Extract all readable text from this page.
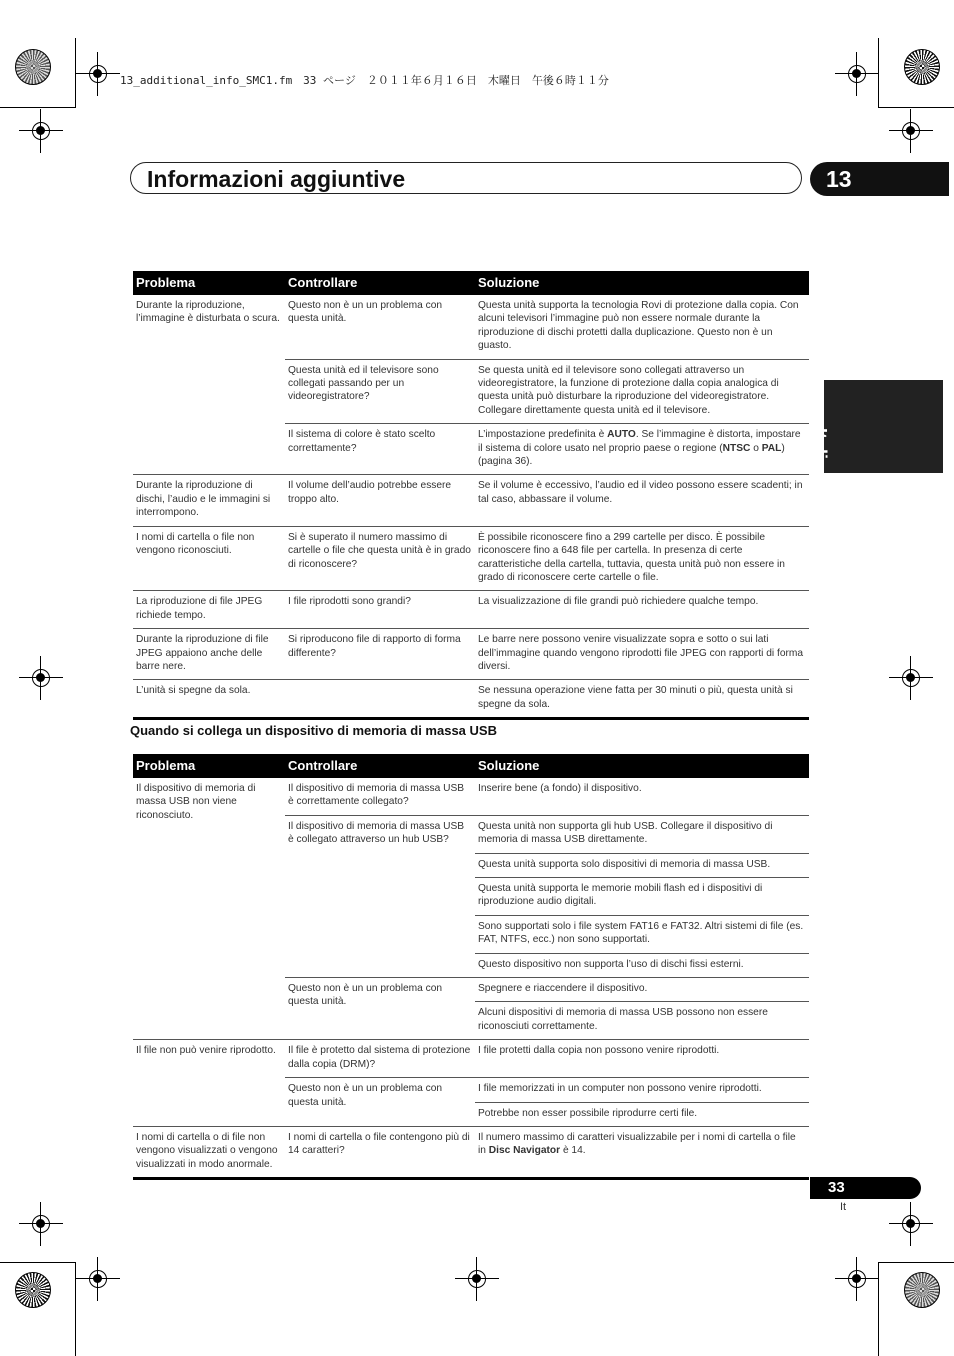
13_additional_info_SMC1.fm　33 ページ　２０１１年６月１６日　木曜日　午後６時１１分
Informazioni aggiuntive	13
Italiano
Problema	Controllare	Soluzione
Durante la riproduzione, l’immagine è disturbata o scura.	Questo non è un un problema con questa unità.	Questa unità supporta la tecnologia Rovi di protezione dalla copia. Con alcuni televisori l’immagine può non essere normale durante la riproduzione di dischi protetti dalla duplicazione. Questo non è un guasto.
	Questa unità ed il televisore sono collegati passando per un videoregistratore?	Se questa unità ed il televisore sono collegati attraverso un videoregistratore, la funzione di protezione dalla copia analogica di questa unità può disturbare la riproduzione del videoregistratore. Collegare direttamente questa unità ed il televisore.
	Il sistema di colore è stato scelto correttamente?	L’impostazione predefinita è AUTO. Se l’immagine è distorta, impostare il sistema di colore usato nel proprio paese o regione (NTSC o PAL) (pagina 36).
Durante la riproduzione di dischi, l’audio e le immagini si interrompono.	Il volume dell’audio potrebbe essere troppo alto.	Se il volume è eccessivo, l’audio ed il video possono essere scadenti; in tal caso, abbassare il volume.
I nomi di cartella o file non vengono riconosciuti.	Si è superato il numero massimo di cartelle o file che questa unità è in grado di riconoscere?	È possibile riconoscere fino a 299 cartelle per disco. È possibile riconoscere fino a 648 file per cartella. In presenza di certe caratteristiche della cartella, tuttavia, questa unità può non essere in grado di riconoscere certe cartelle o file.
La riproduzione di file JPEG richiede tempo.	I file riprodotti sono grandi?	La visualizzazione di file grandi può richiedere qualche tempo.
Durante la riproduzione di file JPEG appaiono anche delle barre nere.	Si riproducono file di rapporto di forma differente?	Le barre nere possono venire visualizzate sopra e sotto o sui lati dell’immagine quando vengono riprodotti file JPEG con rapporti di forma diversi.
L’unità si spegne da sola.		Se nessuna operazione viene fatta per 30 minuti o più, questa unità si spegne da sola.
Quando si collega un dispositivo di memoria di massa USB
Problema	Controllare	Soluzione
Il dispositivo di memoria di massa USB non viene riconosciuto.	Il dispositivo di memoria di massa USB è correttamente collegato?	Inserire bene (a fondo) il dispositivo.
	Il dispositivo di memoria di massa USB è collegato attraverso un hub USB?	Questa unità non supporta gli hub USB. Collegare il dispositivo di memoria di massa USB direttamente.
		Questa unità supporta solo dispositivi di memoria di massa USB.
		Questa unità supporta le memorie mobili flash ed i dispositivi di riproduzione audio digitali.
		Sono supportati solo i file system FAT16 e FAT32. Altri sistemi di file (es. FAT, NTFS, ecc.) non sono supportati.
		Questo dispositivo non supporta l’uso di dischi fissi esterni.
	Questo non è un un problema con questa unità.	Spegnere e riaccendere il dispositivo.
		Alcuni dispositivi di memoria di massa USB possono non essere riconosciuti correttamente.

Il file non può venire riprodotto.	Il file è protetto dal sistema di protezione dalla copia (DRM)?	I file protetti dalla copia non possono venire riprodotti.
	Questo non è un un problema con questa unità.	I file memorizzati in un computer non possono venire riprodotti.
		Potrebbe non esser possibile riprodurre certi file.
I nomi di cartella o di file non vengono visualizzati o vengono visualizzati in modo anormale.	I nomi di cartella o file contengono più di 14 caratteri?	Il numero massimo di caratteri visualizzabile per i nomi di cartella o file in Disc Navigator è 14.
33
It
